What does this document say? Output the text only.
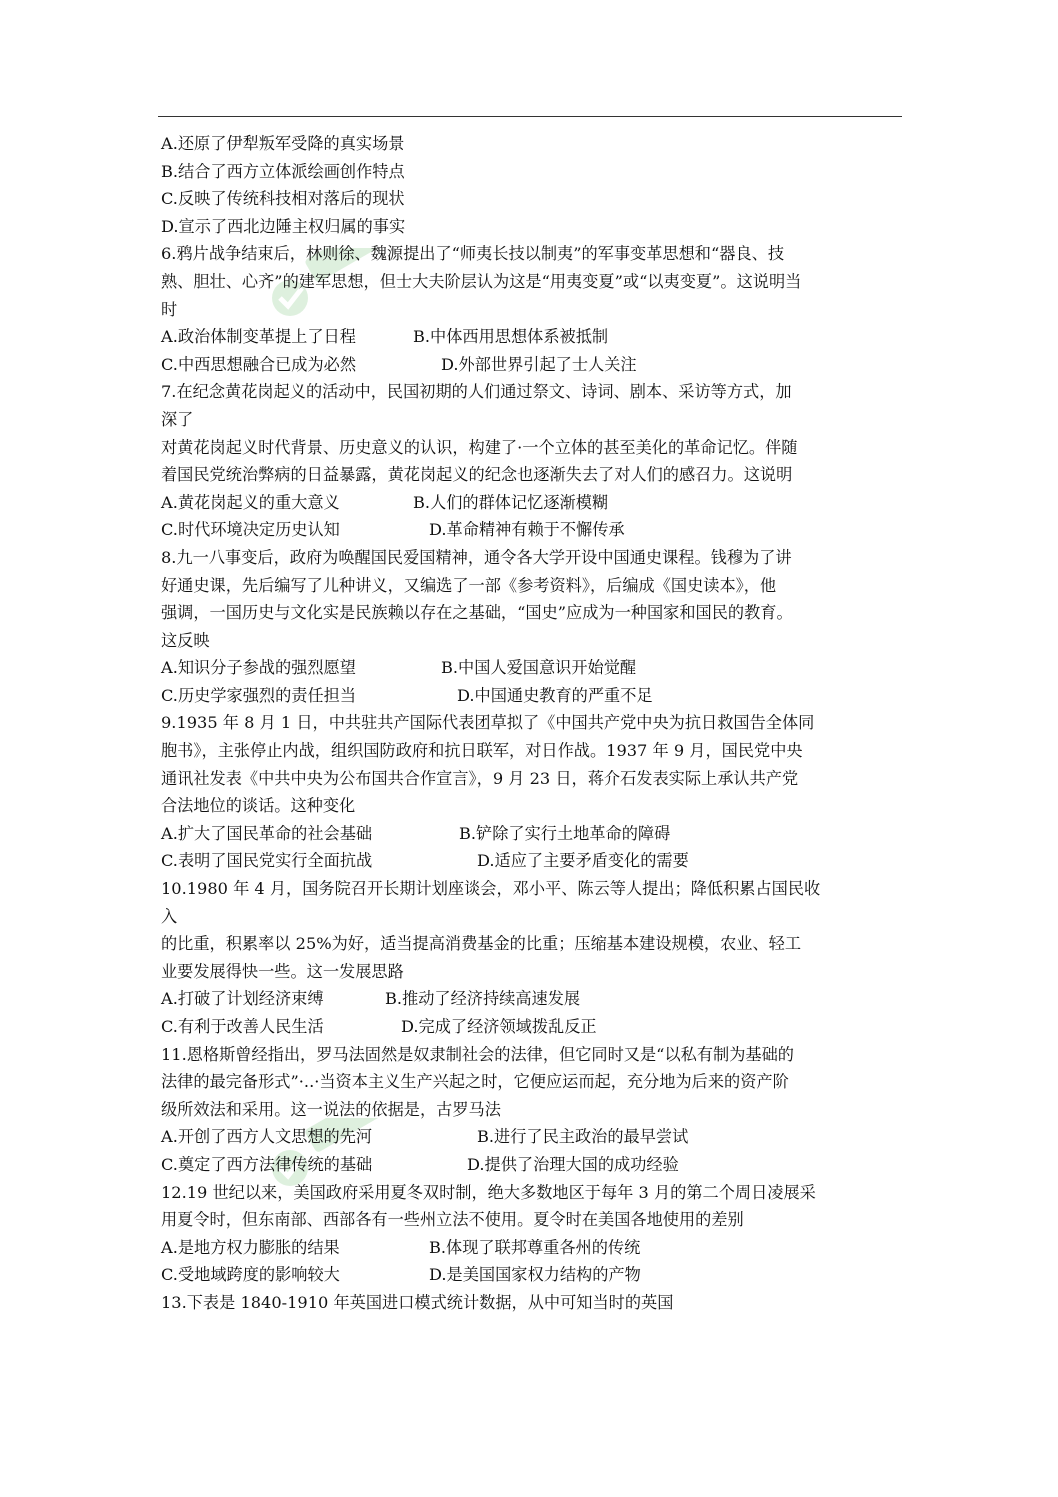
A.还原了伊犁叛军受降的真实场景
B.结合了西方立体派绘画创作特点
C.反映了传统科技相对落后的现状
D.宣示了西北边陲主权归属的事实
6.鸦片战争结束后，林则徐、魏源提出了“师夷长技以制夷”的军事变革思想和“器良、技
熟、胆壮、心齐”的建军思想，但士大夫阶层认为这是“用夷变夏”或“以夷变夏”。这说明当
时
A.政治体制变革提上了日程	B.中体西用思想体系被抵制
C.中西思想融合已成为必然	D.外部世界引起了士人关注
7.在纪念黄花岗起义的活动中，民国初期的人们通过祭文、诗词、剧本、采访等方式，加
深了
对黄花岗起义时代背景、历史意义的认识，构建了·一个立体的甚至美化的革命记忆。伴随
着国民党统治弊病的日益暴露，黄花岗起义的纪念也逐渐失去了对人们的感召力。这说明
A.黄花岗起义的重大意义	B.人们的群体记忆逐渐模糊
C.时代环境决定历史认知	D.革命精神有赖于不懈传承
8.九一八事变后，政府为唤醒国民爱国精神，通令各大学开设中国通史课程。钱穆为了讲
好通史课，先后编写了儿种讲义，又编选了一部《参考资料》，后编成《国史读本》，他
强调，一国历史与文化实是民族赖以存在之基础，“国史”应成为一种国家和国民的教育。
这反映
A.知识分子参战的强烈愿望	B.中国人爱国意识开始觉醒
C.历史学家强烈的责任担当	D.中国通史教育的严重不足
9.1935 年 8 月 1 日，中共驻共产国际代表团草拟了《中国共产党中央为抗日救国告全体同
胞书》，主张停止内战，组织国防政府和抗日联军，对日作战。1937 年 9 月，国民党中央
通讯社发表《中共中央为公布国共合作宣言》，9 月 23 日，蒋介石发表实际上承认共产党
合法地位的谈话。这种变化
A.扩大了国民革命的社会基础	B.铲除了实行土地革命的障碍
C.表明了国民党实行全面抗战	D.适应了主要矛盾变化的需要
10.1980 年 4 月，国务院召开长期计划座谈会，邓小平、陈云等人提出；降低积累占国民收
入
的比重，积累率以 25%为好，适当提高消费基金的比重；压缩基本建设规模，农业、轻工
业要发展得快一些。这一发展思路
A.打破了计划经济束缚	B.推动了经济持续高速发展
C.有利于改善人民生活	D.完成了经济领域拨乱反正
11.恩格斯曾经指出，罗马法固然是奴隶制社会的法律，但它同时又是“以私有制为基础的
法律的最完备形式”·..·当资本主义生产兴起之时，它便应运而起，充分地为后来的资产阶
级所效法和采用。这一说法的依据是，古罗马法
A.开创了西方人文思想的先河	B.进行了民主政治的最早尝试
C.奠定了西方法律传统的基础	D.提供了治理大国的成功经验
12.19 世纪以来，美国政府采用夏冬双时制，绝大多数地区于每年 3 月的第二个周日凌展采
用夏令时，但东南部、西部各有一些州立法不使用。夏令时在美国各地使用的差别
A.是地方权力膨胀的结果	B.体现了联邦尊重各州的传统
C.受地域跨度的影响较大	D.是美国国家权力结构的产物
13.下表是 1840-1910 年英国进口模式统计数据，从中可知当时的英国
